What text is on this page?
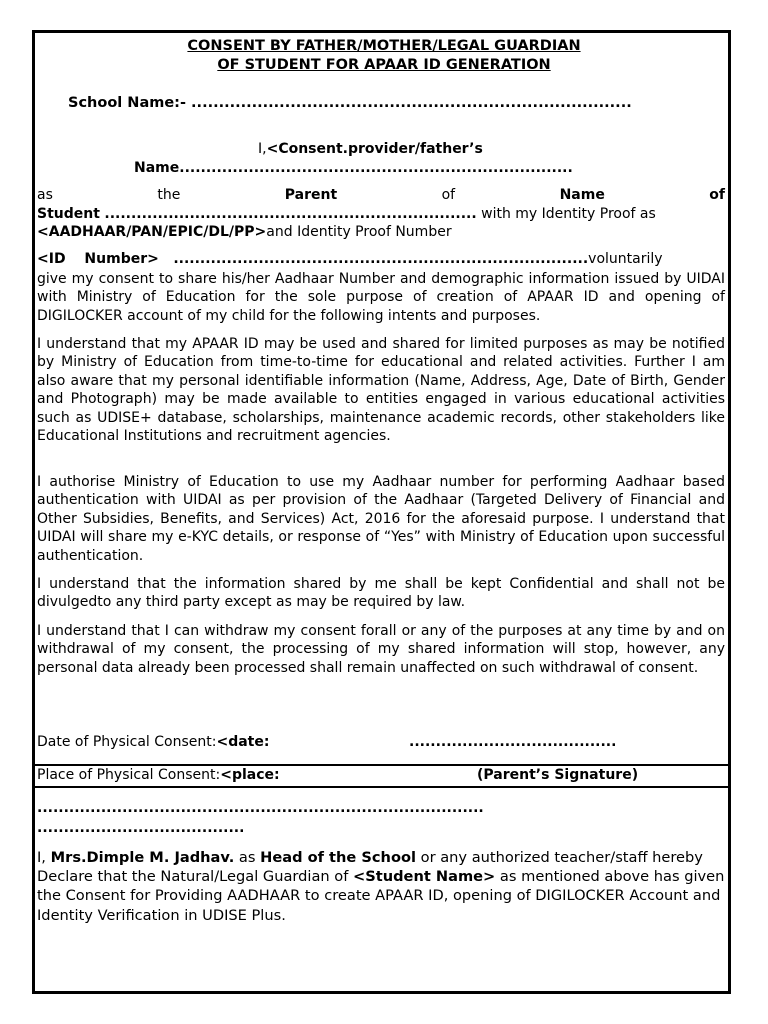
CONSENT BY FATHER/MOTHER/LEGAL GUARDIAN
OF STUDENT FOR APAAR ID GENERATION
School Name:- ................................................................................
I,<Consent.provider/father’s
Name..........................................................................
as	the	Parent	of	Name	of
Student ...................................................................... with my Identity Proof as
<AADHAAR/PAN/EPIC/DL/PP>and Identity Proof Number
<ID Number> ..............................................................................voluntarily
give my consent to share his/her Aadhaar Number and demographic information issued by UIDAI with Ministry of Education for the sole purpose of creation of APAAR ID and opening of DIGILOCKER account of my child for the following intents and purposes.
I understand that my APAAR ID may be used and shared for limited purposes as may be notified by Ministry of Education from time-to-time for educational and related activities. Further I am also aware that my personal identifiable information (Name, Address, Age, Date of Birth, Gender and Photograph) may be made available to entities engaged in various educational activities such as UDISE+ database, scholarships, maintenance academic records, other stakeholders like Educational Institutions and recruitment agencies.
I authorise Ministry of Education to use my Aadhaar number for performing Aadhaar based authentication with UIDAI as per provision of the Aadhaar (Targeted Delivery of Financial and Other Subsidies, Benefits, and Services) Act, 2016 for the aforesaid purpose. I understand that UIDAI will share my e-KYC details, or response of “Yes” with Ministry of Education upon successful authentication.
I understand that the information shared by me shall be kept Confidential and shall not be divulgedto any third party except as may be required by law.
I understand that I can withdraw my consent forall or any of the purposes at any time by and on withdrawal of my consent, the processing of my shared information will stop, however, any personal data already been processed shall remain unaffected on such withdrawal of consent.
Date of Physical Consent:<date:	.......................................
Place of Physical Consent:<place:	(Parent’s Signature)
....................................................................................
.......................................
I, Mrs.Dimple M. Jadhav. as Head of the School or any authorized teacher/staff hereby Declare that the Natural/Legal Guardian of <Student Name> as mentioned above has given the Consent for Providing AADHAAR to create APAAR ID, opening of DIGILOCKER Account and Identity Verification in UDISE Plus.
